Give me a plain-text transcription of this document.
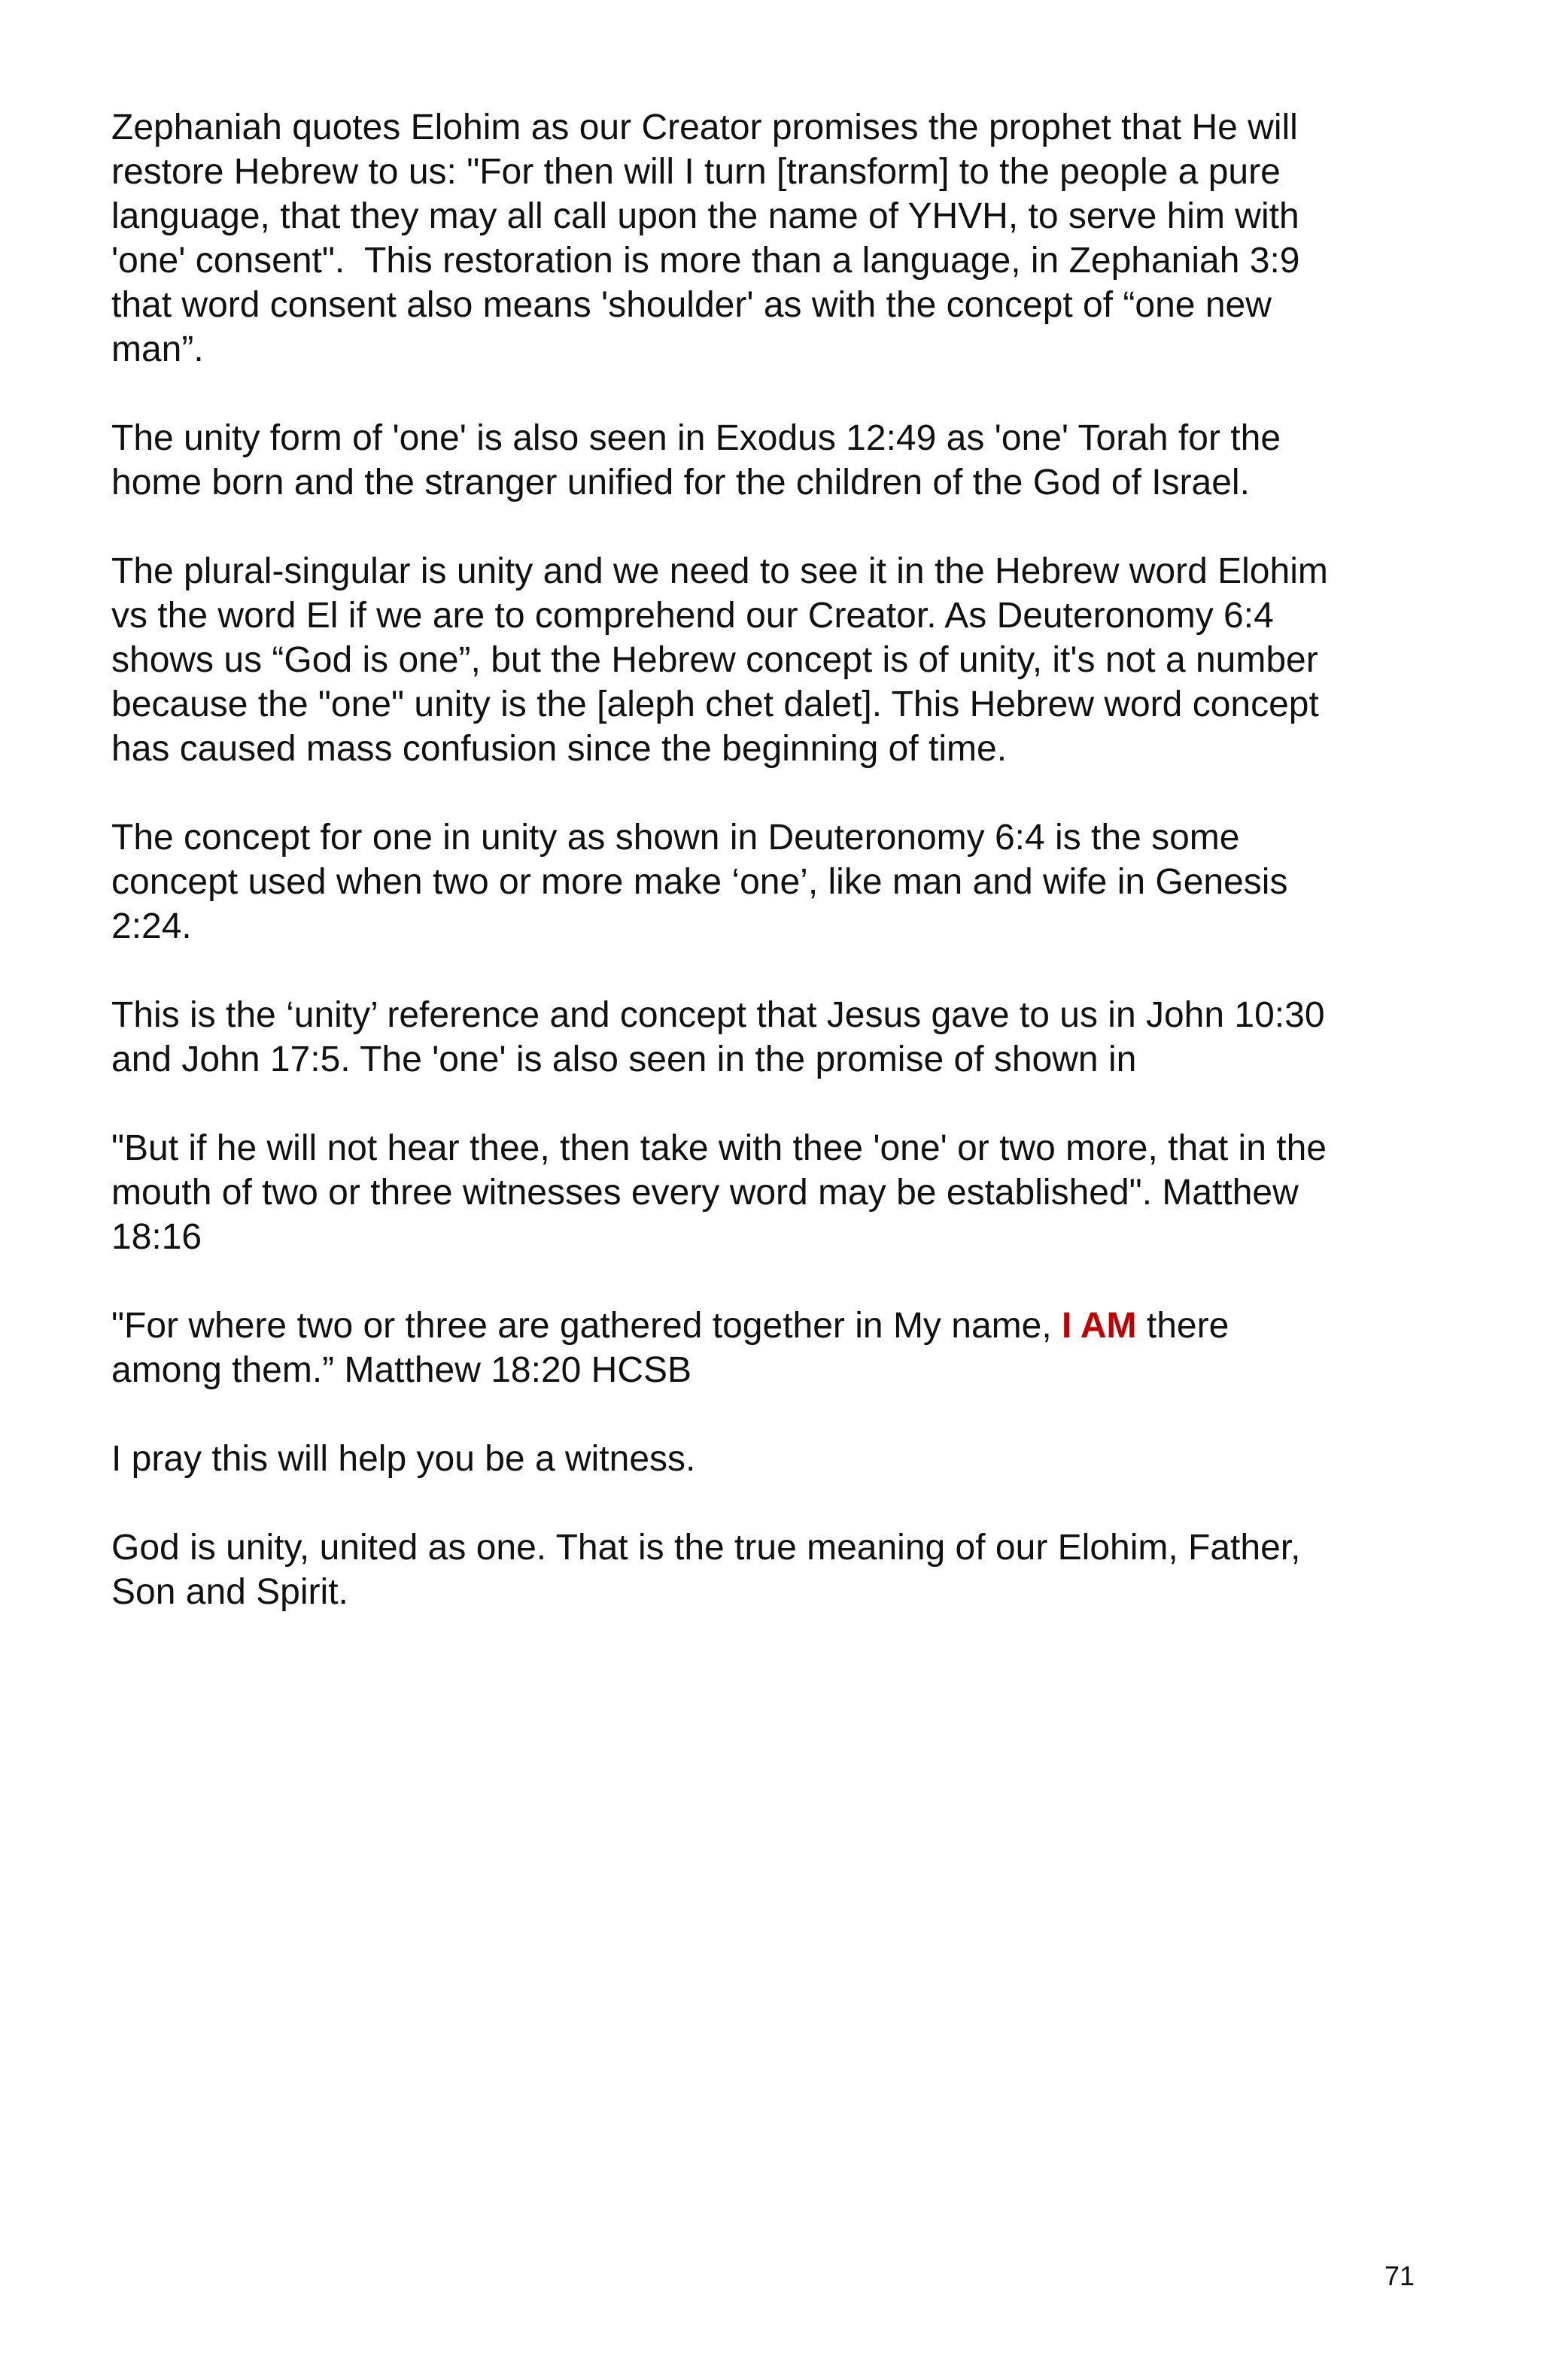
Zephaniah quotes Elohim as our Creator promises the prophet that He will
restore Hebrew to us: "For then will I turn [transform] to the people a pure
language, that they may all call upon the name of YHVH, to serve him with
'one' consent".  This restoration is more than a language, in Zephaniah 3:9
that word consent also means 'shoulder' as with the concept of “one new
man”.

The unity form of 'one' is also seen in Exodus 12:49 as 'one' Torah for the
home born and the stranger unified for the children of the God of Israel.

The plural-singular is unity and we need to see it in the Hebrew word Elohim
vs the word El if we are to comprehend our Creator. As Deuteronomy 6:4
shows us “God is one”, but the Hebrew concept is of unity, it's not a number
because the "one" unity is the [aleph chet dalet]. This Hebrew word concept
has caused mass confusion since the beginning of time.

The concept for one in unity as shown in Deuteronomy 6:4 is the some
concept used when two or more make ‘one’, like man and wife in Genesis
2:24.

This is the ‘unity’ reference and concept that Jesus gave to us in John 10:30
and John 17:5. The 'one' is also seen in the promise of shown in

"But if he will not hear thee, then take with thee 'one' or two more, that in the
mouth of two or three witnesses every word may be established". Matthew
18:16

"For where two or three are gathered together in My name, I AM there
among them.” Matthew 18:20 HCSB

I pray this will help you be a witness.

God is unity, united as one. That is the true meaning of our Elohim, Father,
Son and Spirit.

71
